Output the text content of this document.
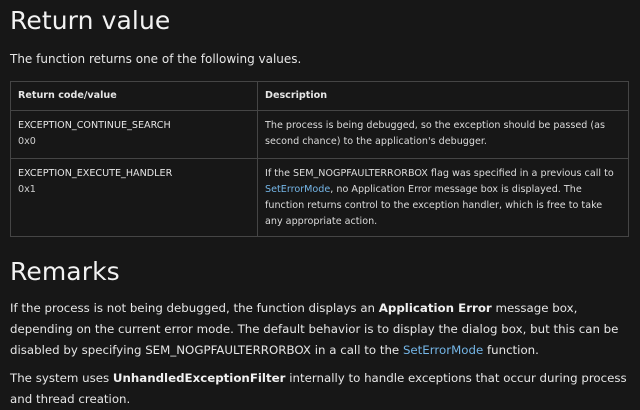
Return value
The function returns one of the following values.
Return code/value	Description

EXCEPTION_CONTINUE_SEARCH
0x0	The process is being debugged, so the exception should be passed (as second chance) to the application's debugger.

EXCEPTION_EXECUTE_HANDLER
0x1	If the SEM_NOGPFAULTERRORBOX flag was specified in a previous call to SetErrorMode, no Application Error message box is displayed. The function returns control to the exception handler, which is free to take any appropriate action.
Remarks

If the process is not being debugged, the function displays an Application Error message box, depending on the current error mode. The default behavior is to display the dialog box, but this can be disabled by specifying SEM_NOGPFAULTERRORBOX in a call to the SetErrorMode function.

The system uses UnhandledExceptionFilter internally to handle exceptions that occur during process and thread creation.
